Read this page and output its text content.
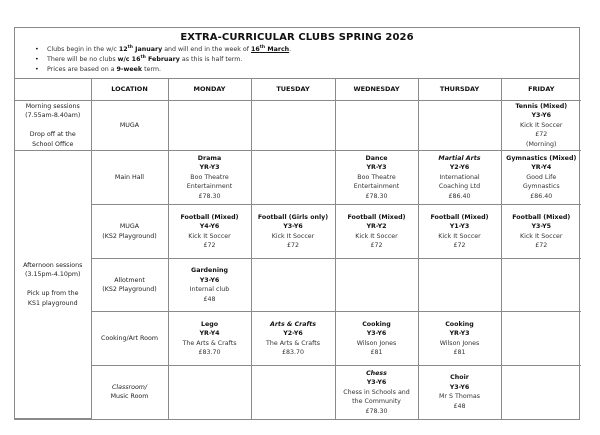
EXTRA-CURRICULAR CLUBS SPRING 2026
• Clubs begin in the w/c 12th January and will end in the week of 16th March.
• There will be no clubs w/c 16th February as this is half term.
• Prices are based on a 9-week term.
	LOCATION	MONDAY	TUESDAY	WEDNESDAY	THURSDAY	FRIDAY

Morning sessions
(7.55am-8.40am)

Drop off at the
School Office	MUGA					Tennis (Mixed)
Y3-Y6
Kick It Soccer
£72
(Morning)

Afternoon sessions
(3.15pm-4.10pm)

Pick up from the
KS1 playground	Main Hall	Drama
YR-Y3
Boo Theatre
Entertainment
£78.30		Dance
YR-Y3
Boo Theatre
Entertainment
£78.30	Martial Arts
Y2-Y6
International
Coaching Ltd
£86.40	Gymnastics (Mixed)
YR-Y4
Good Life
Gymnastics
£86.40

	MUGA
(KS2 Playground)	Football (Mixed)
Y4-Y6
Kick It Soccer
£72	Football (Girls only)
Y3-Y6
Kick It Soccer
£72	Football (Mixed)
YR-Y2
Kick It Soccer
£72	Football (Mixed)
Y1-Y3
Kick It Soccer
£72	Football (Mixed)
Y3-Y5
Kick It Soccer
£72

	Allotment
(KS2 Playground)	Gardening
Y3-Y6
Internal club
£48				

	Cooking/Art Room	Lego
YR-Y4
The Arts & Crafts
£83.70	Arts & Crafts
Y2-Y6
The Arts & Crafts
£83.70	Cooking
Y3-Y6
Wilson Jones
£81	Cooking
YR-Y3
Wilson Jones
£81	

	Classroom/
Music Room			Chess
Y3-Y6
Chess in Schools and
the Community
£78.30	Choir
Y3-Y6
Mr S Thomas
£48	
